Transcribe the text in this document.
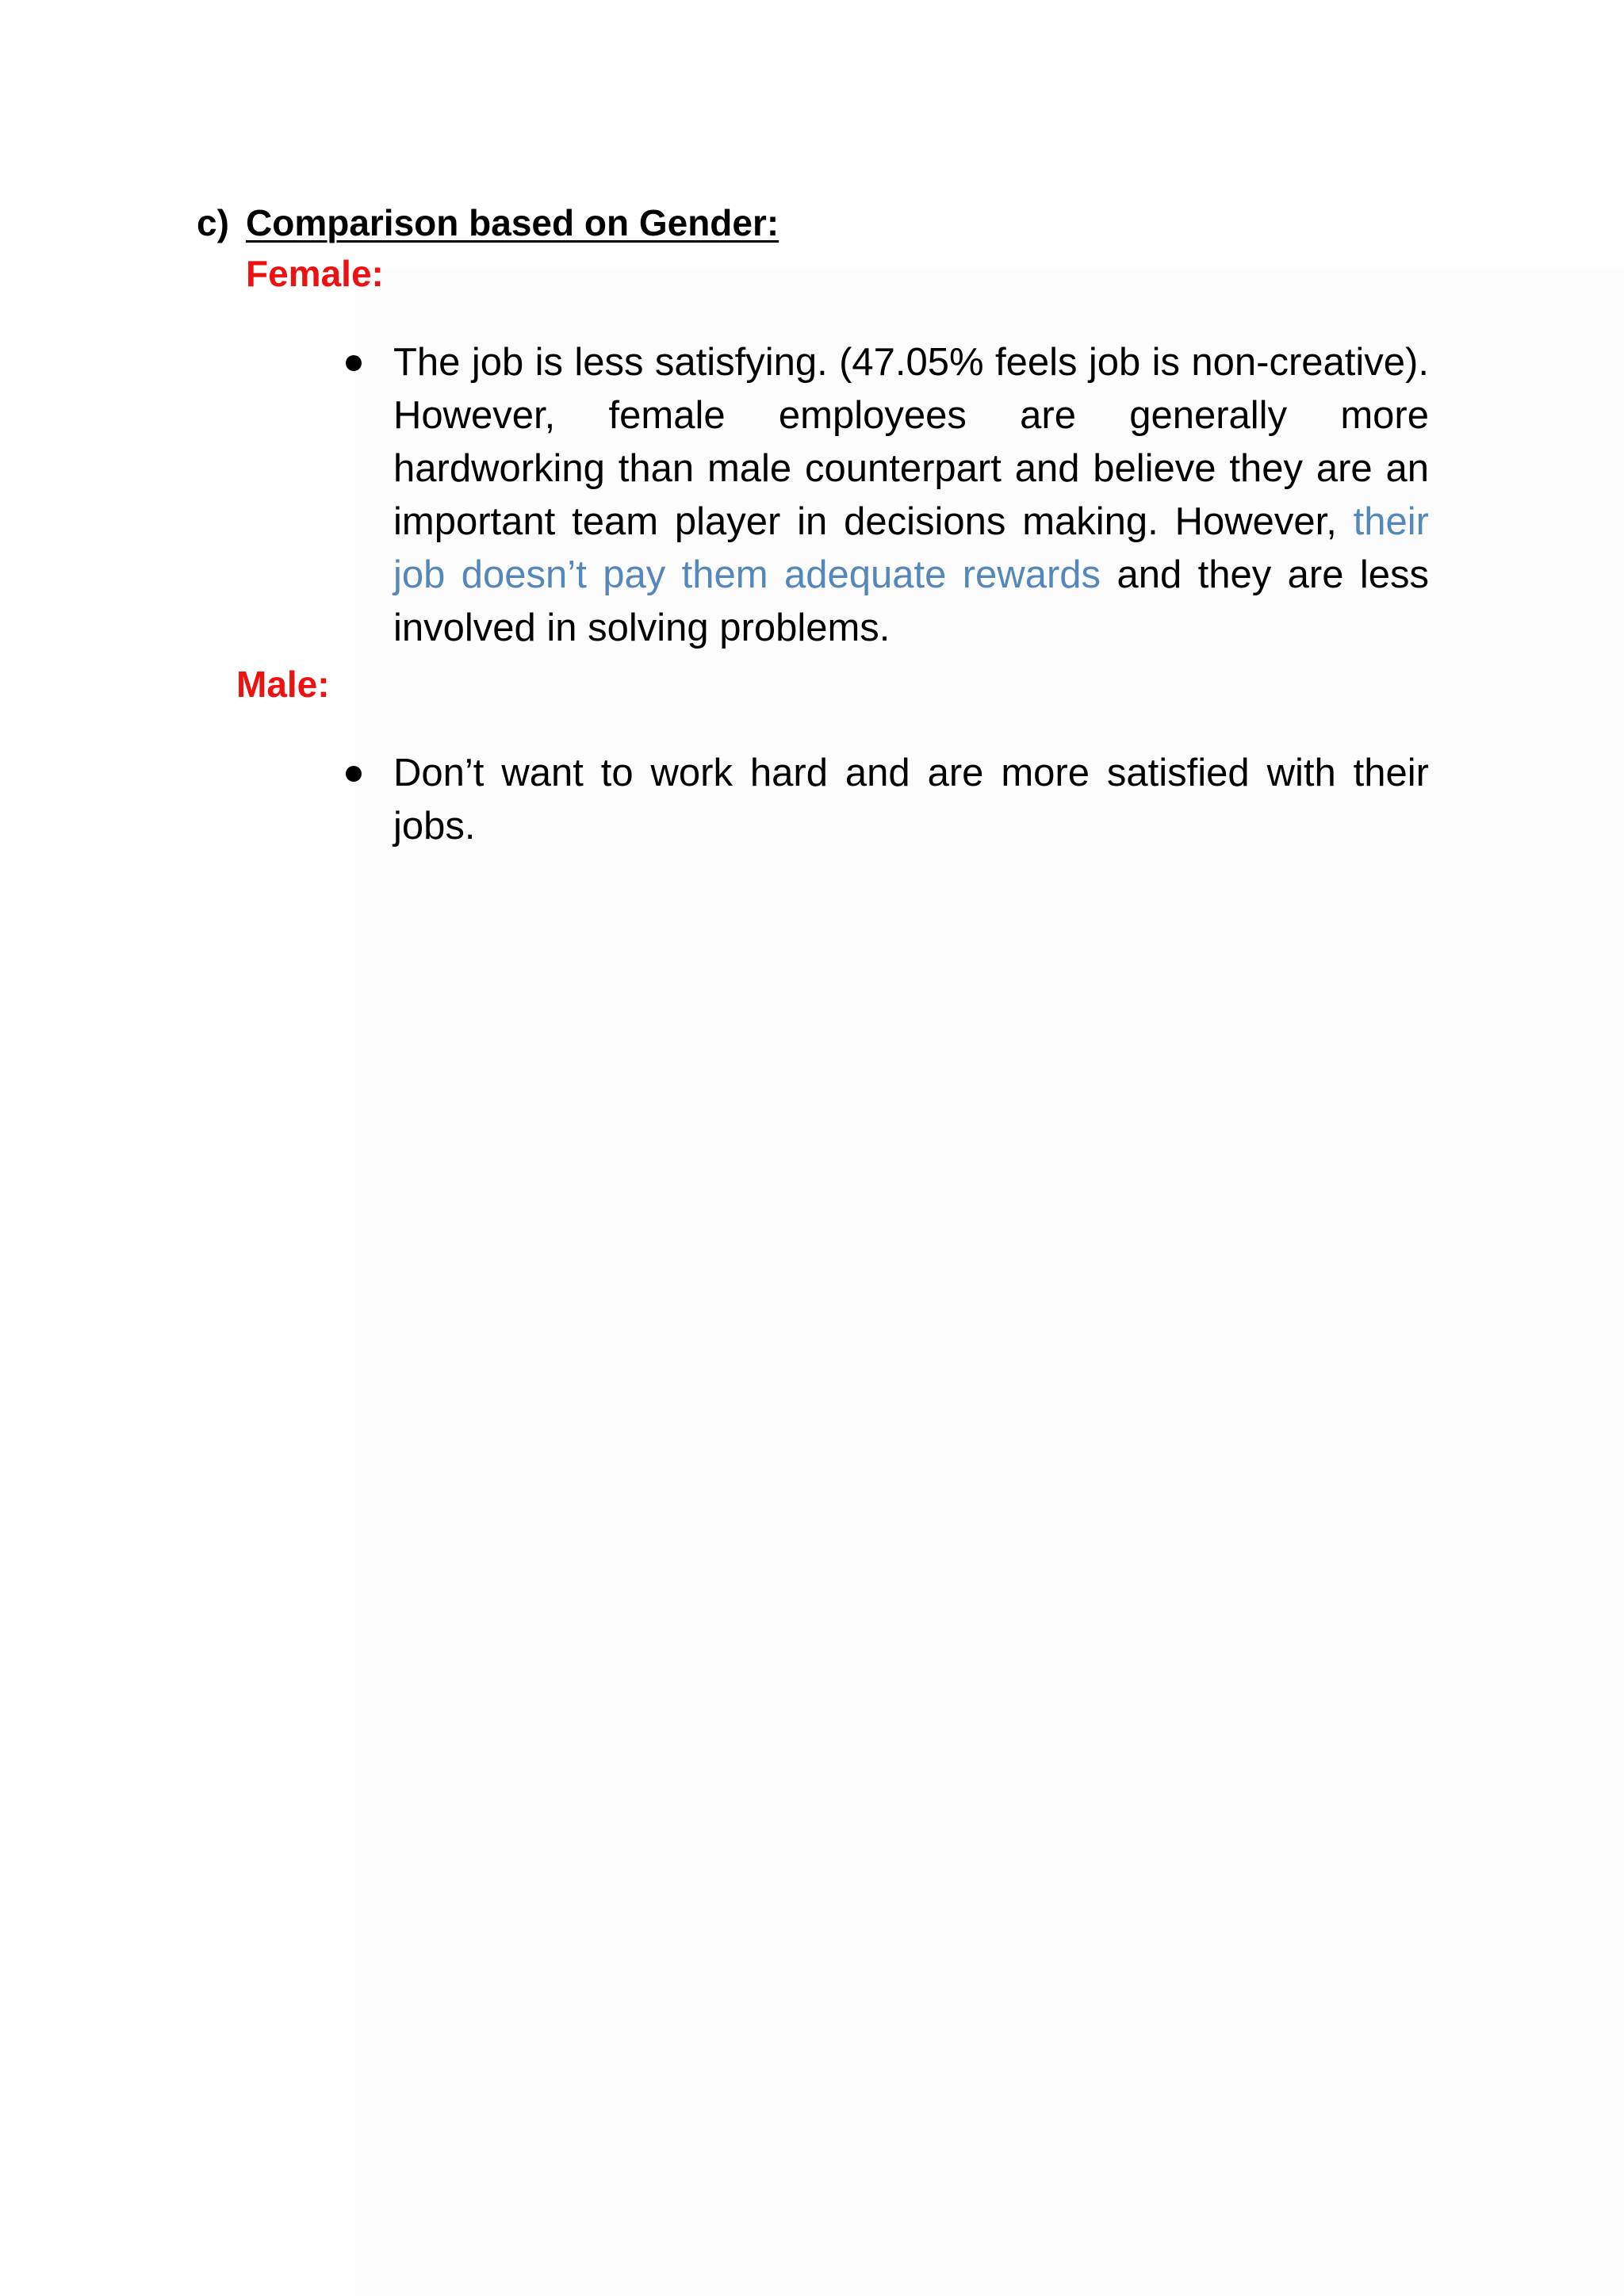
c) Comparison based on Gender:
Female:
The job is less satisfying. (47.05% feels job is non-creative). However, female employees are generally more hardworking than male counterpart and believe they are an important team player in decisions making. However, their job doesn’t pay them adequate rewards and they are less involved in solving problems.
Male:
Don’t want to work hard and are more satisfied with their jobs.
